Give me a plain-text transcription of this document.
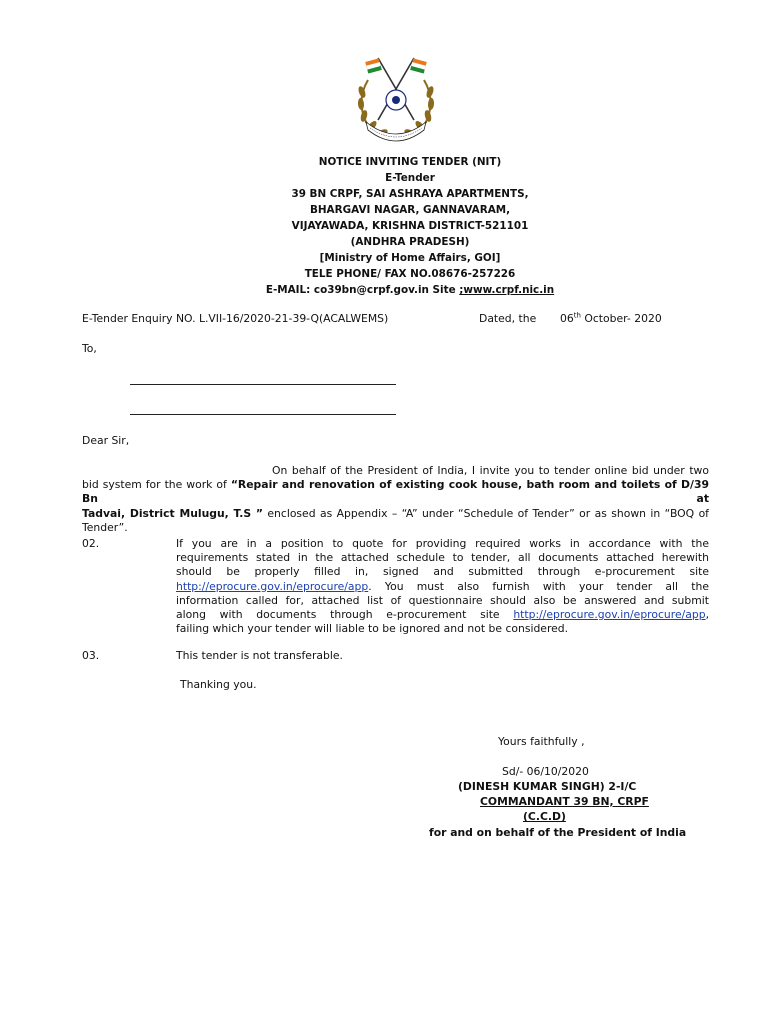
NOTICE INVITING TENDER (NIT)
E-Tender
39 BN CRPF, SAI ASHRAYA APARTMENTS,
BHARGAVI NAGAR, GANNAVARAM,
VIJAYAWADA, KRISHNA DISTRICT-521101
(ANDHRA PRADESH)
[Ministry of Home Affairs, GOI]
TELE PHONE/ FAX NO.08676-257226
E-MAIL: co39bn@crpf.gov.in Site ;www.crpf.nic.in
E-Tender Enquiry NO. L.VII-16/2020-21-39-Q(ACALWEMS)	Dated, the 06th October- 2020
To,
Dear Sir,
On behalf of the President of India, I invite you to tender online bid under two
bid system for the work of “Repair and renovation of existing cook house, bath room and toilets of D/39 Bn at
Tadvai, District Mulugu, T.S ” enclosed as Appendix – “A” under “Schedule of Tender” or as shown in “BOQ of
Tender”.
02.	If you are in a position to quote for providing required works in accordance with the
requirements stated in the attached schedule to tender, all documents attached herewith
should be properly filled in, signed and submitted through e-procurement site
http://eprocure.gov.in/eprocure/app. You must also furnish with your tender all the
information called for, attached list of questionnaire should also be answered and submit
along with documents through e-procurement site http://eprocure.gov.in/eprocure/app,
failing which your tender will liable to be ignored and not be considered.
03.	This tender is not transferable.
Thanking you.
Yours faithfully ,
Sd/- 06/10/2020
(DINESH KUMAR SINGH) 2-I/C
COMMANDANT 39 BN, CRPF
(C.C.D)
for and on behalf of the President of India
